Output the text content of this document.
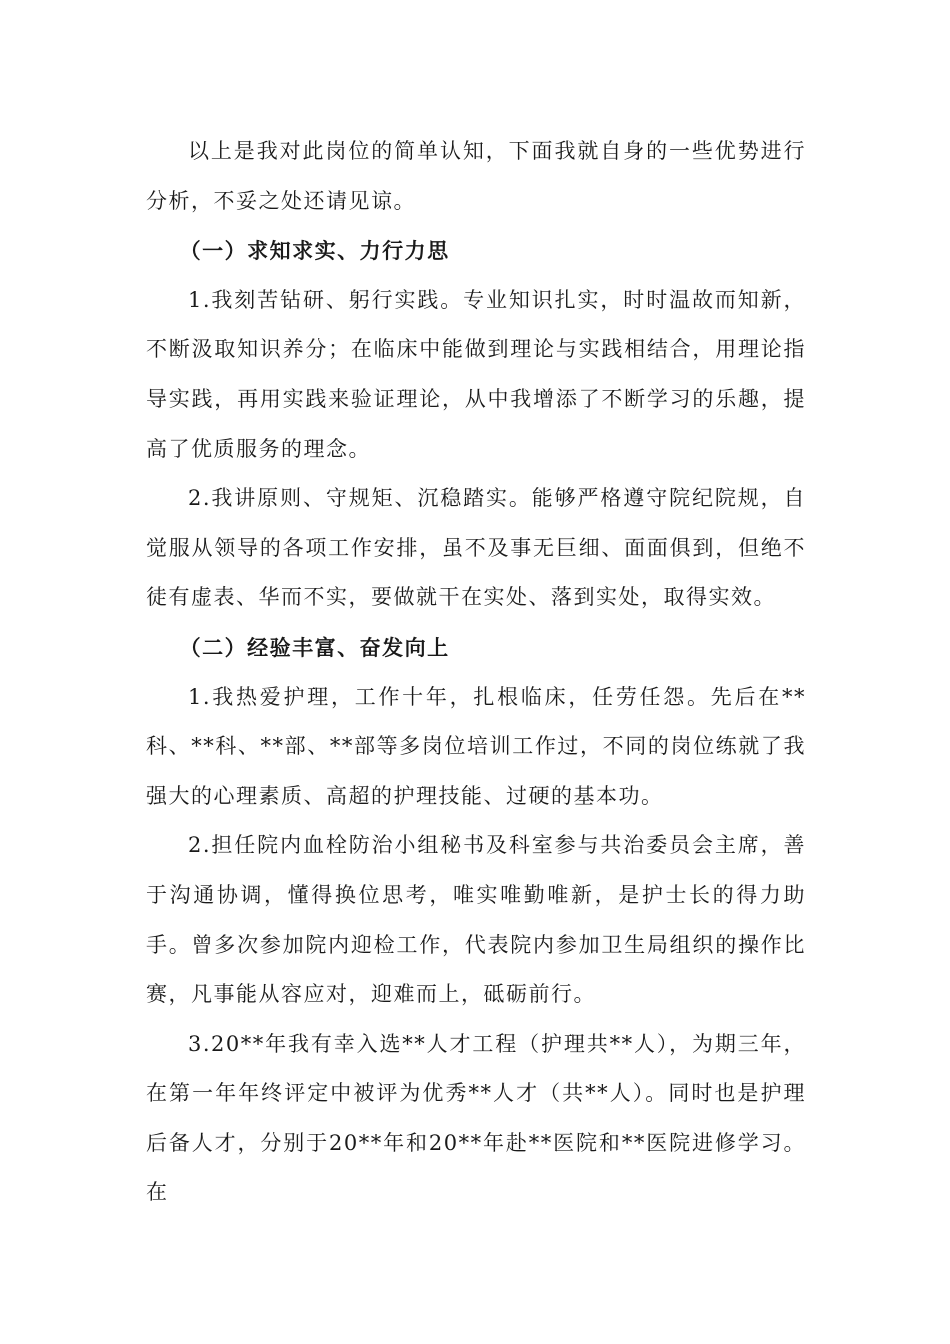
以上是我对此岗位的简单认知，下面我就自身的一些优势进行分析，不妥之处还请见谅。

（一）求知求实、力行力思

1.我刻苦钻研、躬行实践。专业知识扎实，时时温故而知新，不断汲取知识养分；在临床中能做到理论与实践相结合，用理论指导实践，再用实践来验证理论，从中我增添了不断学习的乐趣，提高了优质服务的理念。

2.我讲原则、守规矩、沉稳踏实。能够严格遵守院纪院规，自觉服从领导的各项工作安排，虽不及事无巨细、面面俱到，但绝不徒有虚表、华而不实，要做就干在实处、落到实处，取得实效。

（二）经验丰富、奋发向上

1.我热爱护理，工作十年，扎根临床，任劳任怨。先后在**科、**科、**部、**部等多岗位培训工作过，不同的岗位练就了我强大的心理素质、高超的护理技能、过硬的基本功。

2.担任院内血栓防治小组秘书及科室参与共治委员会主席，善于沟通协调，懂得换位思考，唯实唯勤唯新，是护士长的得力助手。曾多次参加院内迎检工作，代表院内参加卫生局组织的操作比赛，凡事能从容应对，迎难而上，砥砺前行。

3.20**年我有幸入选**人才工程（护理共**人），为期三年，在第一年年终评定中被评为优秀**人才（共**人）。同时也是护理后备人才，分别于20**年和20**年赴**医院和**医院进修学习。在
